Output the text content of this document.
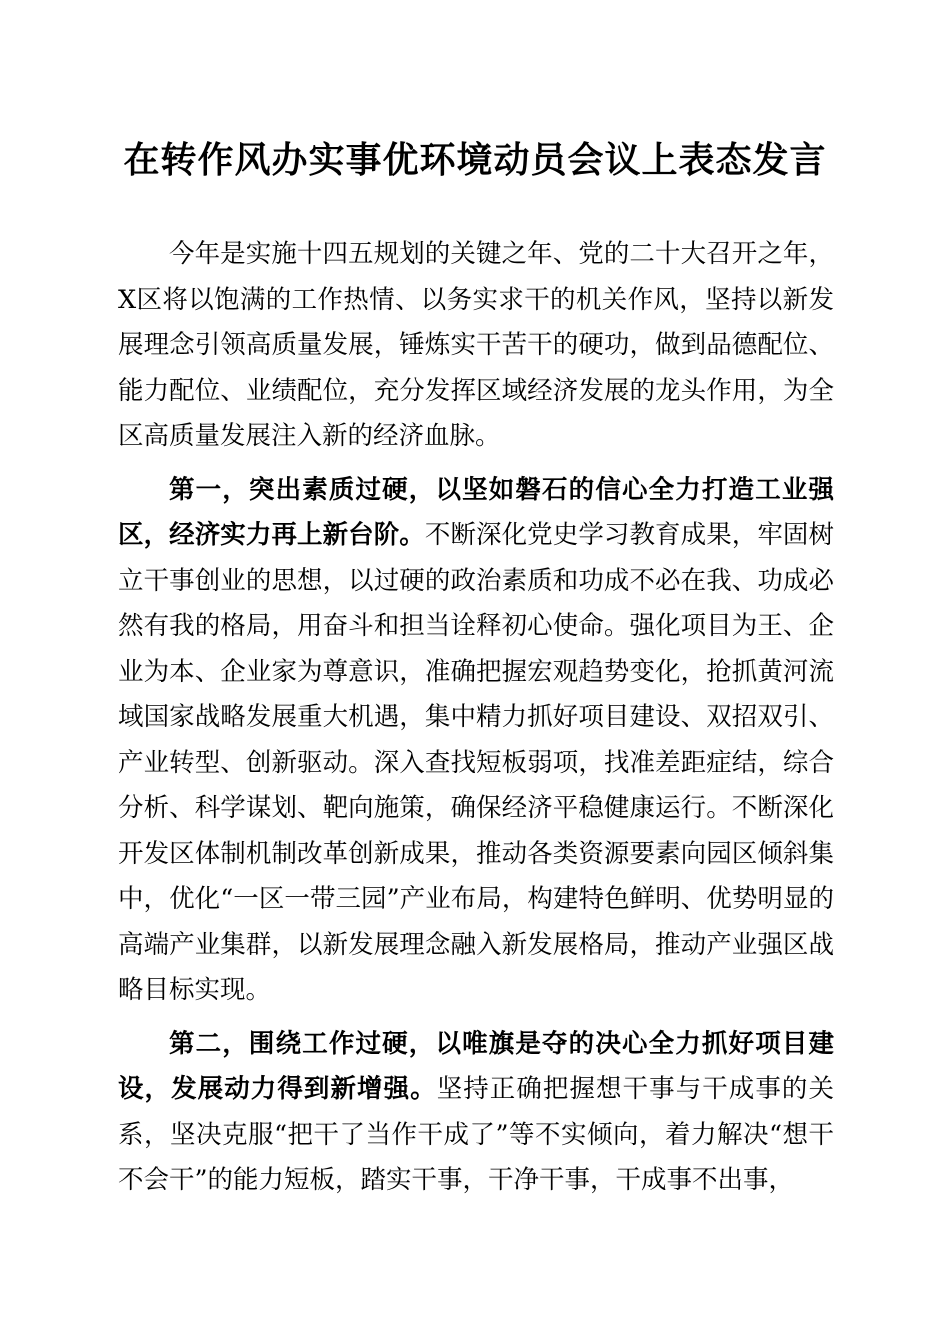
在转作风办实事优环境动员会议上表态发言

今年是实施十四五规划的关键之年、党的二十大召开之年，X区将以饱满的工作热情、以务实求干的机关作风，坚持以新发展理念引领高质量发展，锤炼实干苦干的硬功，做到品德配位、能力配位、业绩配位，充分发挥区域经济发展的龙头作用，为全区高质量发展注入新的经济血脉。

第一，突出素质过硬，以坚如磐石的信心全力打造工业强区，经济实力再上新台阶。不断深化党史学习教育成果，牢固树立干事创业的思想，以过硬的政治素质和功成不必在我、功成必然有我的格局，用奋斗和担当诠释初心使命。强化项目为王、企业为本、企业家为尊意识，准确把握宏观趋势变化，抢抓黄河流域国家战略发展重大机遇，集中精力抓好项目建设、双招双引、产业转型、创新驱动。深入查找短板弱项，找准差距症结，综合分析、科学谋划、靶向施策，确保经济平稳健康运行。不断深化开发区体制机制改革创新成果，推动各类资源要素向园区倾斜集中，优化“一区一带三园”产业布局，构建特色鲜明、优势明显的高端产业集群，以新发展理念融入新发展格局，推动产业强区战略目标实现。

第二，围绕工作过硬，以唯旗是夺的决心全力抓好项目建设，发展动力得到新增强。坚持正确把握想干事与干成事的关系，坚决克服“把干了当作干成了”等不实倾向，着力解决“想干不会干”的能力短板，踏实干事，干净干事，干成事不出事，
